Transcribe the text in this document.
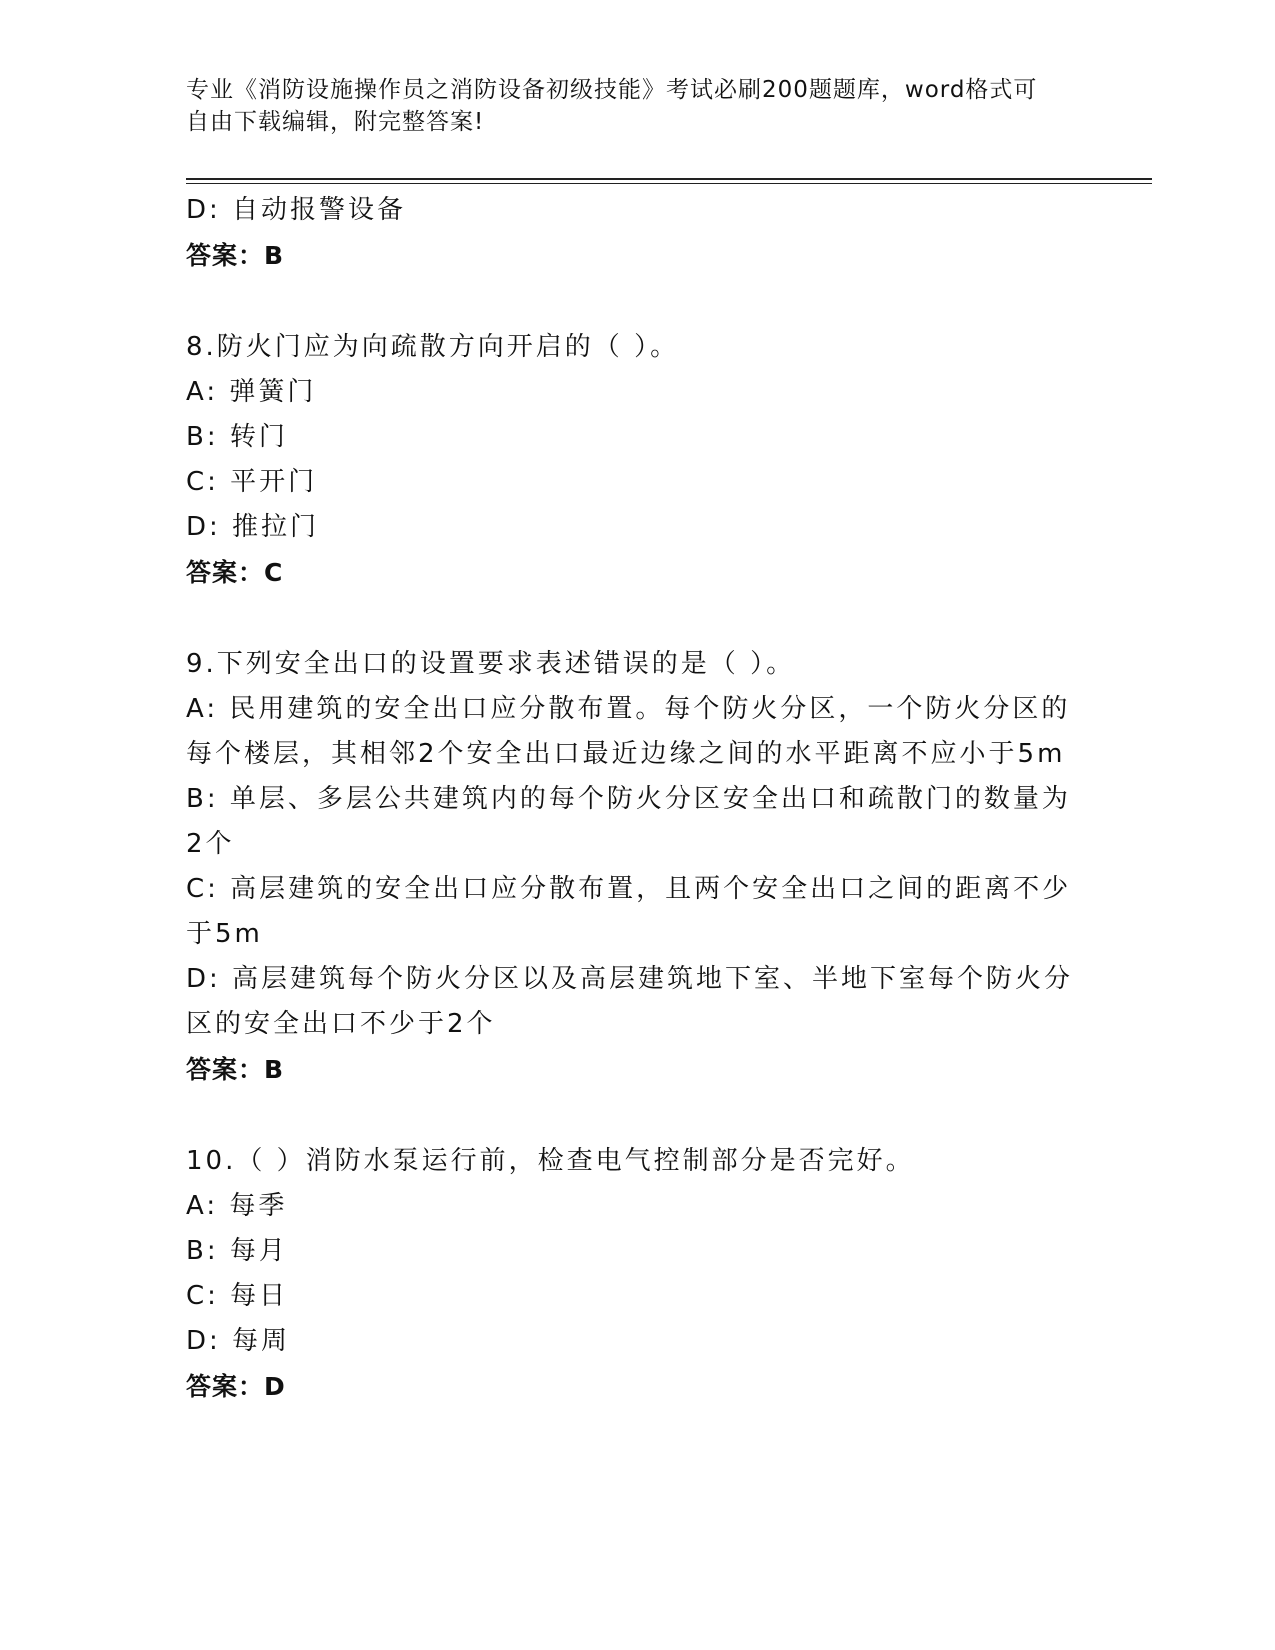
专业《消防设施操作员之消防设备初级技能》考试必刷200题题库，word格式可
自由下载编辑，附完整答案!
D: 自动报警设备
答案：B
8.防火门应为向疏散方向开启的（ ）。
A: 弹簧门
B: 转门
C: 平开门
D: 推拉门
答案：C
9.下列安全出口的设置要求表述错误的是（ ）。
A: 民用建筑的安全出口应分散布置。每个防火分区，一个防火分区的
每个楼层，其相邻2个安全出口最近边缘之间的水平距离不应小于5m
B: 单层、多层公共建筑内的每个防火分区安全出口和疏散门的数量为
2个
C: 高层建筑的安全出口应分散布置，且两个安全出口之间的距离不少
于5m
D: 高层建筑每个防火分区以及高层建筑地下室、半地下室每个防火分
区的安全出口不少于2个
答案：B
10.（ ）消防水泵运行前，检查电气控制部分是否完好。
A: 每季
B: 每月
C: 每日
D: 每周
答案：D
